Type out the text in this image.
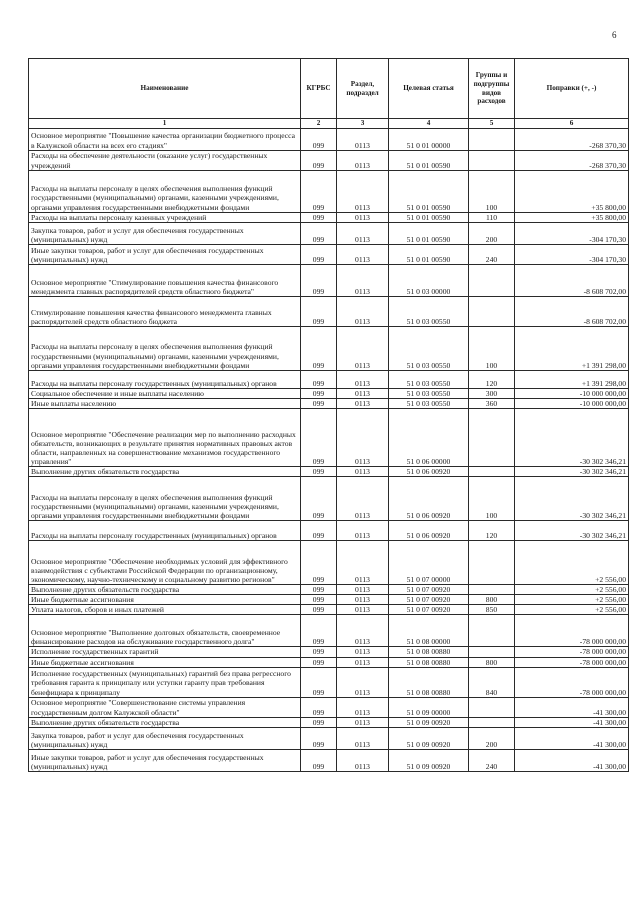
6
Наименование	КГРБС	Раздел, подраздел	Целевая статья	Группы и подгруппы видов расходов	Поправки (+, -)
1	2	3	4	5	6
Основное мероприятие "Повышение качества организации бюджетного процесса в Калужской области на всех его стадиях"	099	0113	51 0 01 00000		-268 370,30
Расходы на обеспечение деятельности (оказание услуг) государственных учреждений	099	0113	51 0 01 00590		-268 370,30
Расходы на выплаты персоналу в целях обеспечения выполнения функций государственными (муниципальными) органами, казенными учреждениями, органами управления государственными внебюджетными фондами	099	0113	51 0 01 00590	100	+35 800,00
Расходы на выплаты персоналу казенных учреждений	099	0113	51 0 01 00590	110	+35 800,00
Закупка товаров, работ и услуг для обеспечения государственных (муниципальных) нужд	099	0113	51 0 01 00590	200	-304 170,30
Иные закупки товаров, работ и услуг для обеспечения государственных (муниципальных) нужд	099	0113	51 0 01 00590	240	-304 170,30
Основное мероприятие "Стимулирование повышения качества финансового менеджмента главных распорядителей средств областного бюджета"	099	0113	51 0 03 00000		-8 608 702,00
Стимулирование повышения качества финансового менеджмента главных распорядителей средств областного бюджета	099	0113	51 0 03 00550		-8 608 702,00
Расходы на выплаты персоналу в целях обеспечения выполнения функций государственными (муниципальными) органами, казенными учреждениями, органами управления государственными внебюджетными фондами	099	0113	51 0 03 00550	100	+1 391 298,00
Расходы на выплаты персоналу государственных (муниципальных) органов	099	0113	51 0 03 00550	120	+1 391 298,00
Социальное обеспечение и иные выплаты населению	099	0113	51 0 03 00550	300	-10 000 000,00
Иные выплаты населению	099	0113	51 0 03 00550	360	-10 000 000,00
Основное мероприятие "Обеспечение реализации мер по выполнению расходных обязательств, возникающих в результате принятия нормативных правовых актов области, направленных на совершенствование механизмов государственного управления"	099	0113	51 0 06 00000		-30 302 346,21
Выполнение других обязательств государства	099	0113	51 0 06 00920		-30 302 346,21
Расходы на выплаты персоналу в целях обеспечения выполнения функций государственными (муниципальными) органами, казенными учреждениями, органами управления государственными внебюджетными фондами	099	0113	51 0 06 00920	100	-30 302 346,21
Расходы на выплаты персоналу государственных (муниципальных) органов	099	0113	51 0 06 00920	120	-30 302 346,21
Основное мероприятие "Обеспечение необходимых условий для эффективного взаимодействия с субъектами Российской Федерации по организационному, экономическому, научно-техническому и социальному развитию регионов"	099	0113	51 0 07 00000		+2 556,00
Выполнение других обязательств государства	099	0113	51 0 07 00920		+2 556,00
Иные бюджетные ассигнования	099	0113	51 0 07 00920	800	+2 556,00
Уплата налогов, сборов и иных платежей	099	0113	51 0 07 00920	850	+2 556,00
Основное мероприятие "Выполнение долговых обязательств, своевременное финансирование расходов на обслуживание государственного долга"	099	0113	51 0 08 00000		-78 000 000,00
Исполнение государственных гарантий	099	0113	51 0 08 00880		-78 000 000,00
Иные бюджетные ассигнования	099	0113	51 0 08 00880	800	-78 000 000,00
Исполнение государственных (муниципальных) гарантий без права регрессного требования гаранта к принципалу или уступки гаранту прав требования бенефициара к принципалу	099	0113	51 0 08 00880	840	-78 000 000,00
Основное мероприятие "Совершенствование системы управления государственным долгом Калужской области"	099	0113	51 0 09 00000		-41 300,00
Выполнение других обязательств государства	099	0113	51 0 09 00920		-41 300,00
Закупка товаров, работ и услуг для обеспечения государственных (муниципальных) нужд	099	0113	51 0 09 00920	200	-41 300,00
Иные закупки товаров, работ и услуг для обеспечения государственных (муниципальных) нужд	099	0113	51 0 09 00920	240	-41 300,00
